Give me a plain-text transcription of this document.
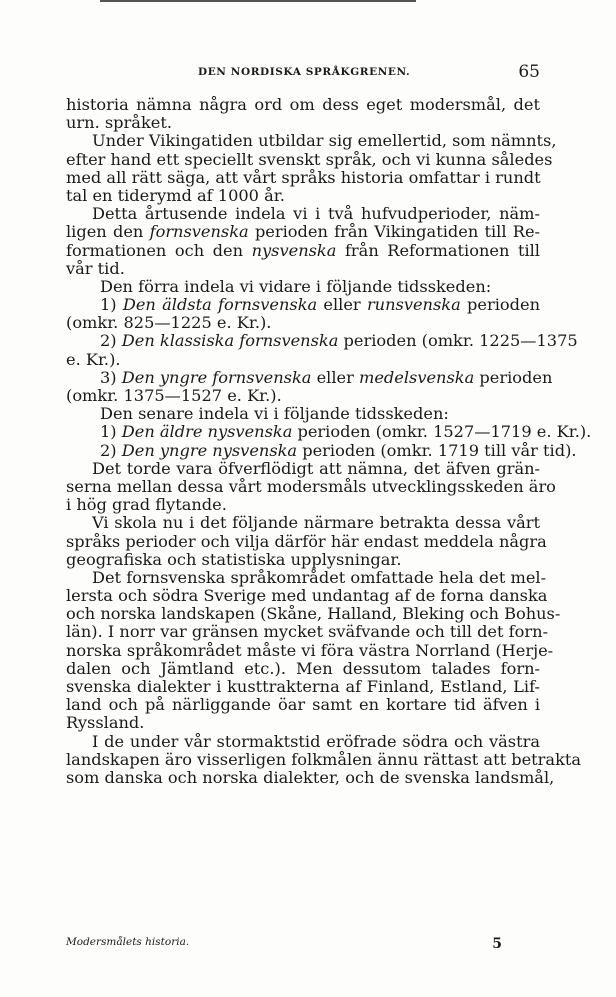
DEN NORDISKA SPRÅKGRENEN.	65
historia nämna några ord om dess eget modersmål, det
urn. språket.
Under Vikingatiden utbildar sig emellertid, som nämnts,
efter hand ett speciellt svenskt språk, och vi kunna således
med all rätt säga, att vårt språks historia omfattar i rundt
tal en tiderymd af 1000 år.
Detta årtusende indela vi i två hufvudperioder, näm-
ligen den fornsvenska perioden från Vikingatiden till Re-
formationen och den nysvenska från Reformationen till
vår tid.
Den förra indela vi vidare i följande tidsskeden:
1) Den äldsta fornsvenska eller runsvenska perioden
(omkr. 825—1225 e. Kr.).
2) Den klassiska fornsvenska perioden (omkr. 1225—1375
e. Kr.).
3) Den yngre fornsvenska eller medelsvenska perioden
(omkr. 1375—1527 e. Kr.).
Den senare indela vi i följande tidsskeden:
1) Den äldre nysvenska perioden (omkr. 1527—1719 e. Kr.).
2) Den yngre nysvenska perioden (omkr. 1719 till vår tid).
Det torde vara öfverflödigt att nämna, det äfven grän-
serna mellan dessa vårt modersmåls utvecklingsskeden äro
i hög grad flytande.
Vi skola nu i det följande närmare betrakta dessa vårt
språks perioder och vilja därför här endast meddela några
geografiska och statistiska upplysningar.
Det fornsvenska språkområdet omfattade hela det mel-
lersta och södra Sverige med undantag af de forna danska
och norska landskapen (Skåne, Halland, Bleking och Bohus-
län). I norr var gränsen mycket sväfvande och till det forn-
norska språkområdet måste vi föra västra Norrland (Herje-
dalen och Jämtland etc.). Men dessutom talades forn-
svenska dialekter i kusttrakterna af Finland, Estland, Lif-
land och på närliggande öar samt en kortare tid äfven i
Ryssland.
I de under vår stormaktstid eröfrade södra och västra
landskapen äro visserligen folkmålen ännu rättast att betrakta
som danska och norska dialekter, och de svenska landsmål,
Modersmålets historia.	5
